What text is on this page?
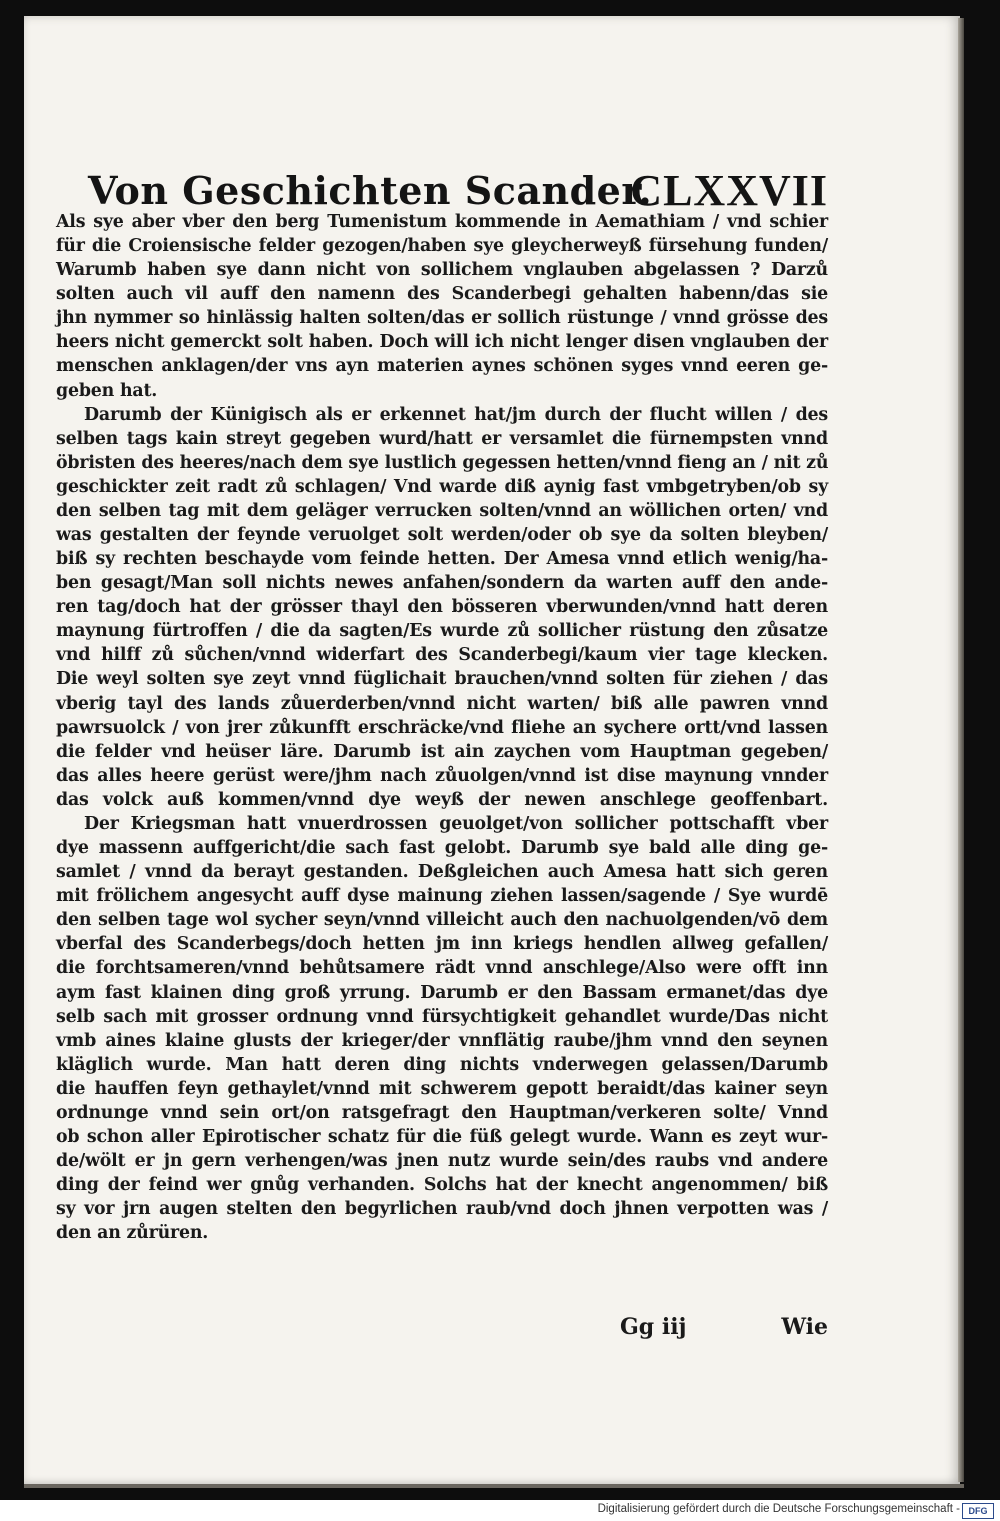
Von Geschichten Scander.
CLXXVII
Als sye aber vber den berg Tumenistum kommende in Aemathiam / vnd schier
für die Croiensische felder gezogen/haben sye gleycherweyß fürsehung funden/
Warumb haben sye dann nicht von sollichem vnglauben abgelassen ? Darzů
solten auch vil auff den namenn des Scanderbegi gehalten habenn/das sie
jhn nymmer so hinlässig halten solten/das er sollich rüstunge / vnnd grösse des
heers nicht gemerckt solt haben. Doch will ich nicht lenger disen vnglauben der
menschen anklagen/der vns ayn materien aynes schönen syges vnnd eeren ge-
geben hat.
Darumb der Künigisch als er erkennet hat/jm durch der flucht willen / des
selben tags kain streyt gegeben wurd/hatt er versamlet die fürnempsten vnnd
öbristen des heeres/nach dem sye lustlich gegessen hetten/vnnd fieng an / nit zů
geschickter zeit radt zů schlagen/ Vnd warde diß aynig fast vmbgetryben/ob sy
den selben tag mit dem geläger verrucken solten/vnnd an wöllichen orten/ vnd
was gestalten der feynde veruolget solt werden/oder ob sye da solten bleyben/
biß sy rechten beschayde vom feinde hetten. Der Amesa vnnd etlich wenig/ha-
ben gesagt/Man soll nichts newes anfahen/sondern da warten auff den ande-
ren tag/doch hat der grösser thayl den bösseren vberwunden/vnnd hatt deren
maynung fürtroffen / die da sagten/Es wurde zů sollicher rüstung den zůsatze
vnd hilff zů sůchen/vnnd widerfart des Scanderbegi/kaum vier tage klecken.
Die weyl solten sye zeyt vnnd füglichait brauchen/vnnd solten für ziehen / das
vberig tayl des lands zůuerderben/vnnd nicht warten/ biß alle pawren vnnd
pawrsuolck / von jrer zůkunfft erschräcke/vnd fliehe an sychere ortt/vnd lassen
die felder vnd heüser läre. Darumb ist ain zaychen vom Hauptman gegeben/
das alles heere gerüst were/jhm nach zůuolgen/vnnd ist dise maynung vnnder
das volck auß kommen/vnnd dye weyß der newen anschlege geoffenbart.
Der Kriegsman hatt vnuerdrossen geuolget/von sollicher pottschafft vber
dye massenn auffgericht/die sach fast gelobt. Darumb sye bald alle ding ge-
samlet / vnnd da berayt gestanden. Deßgleichen auch Amesa hatt sich geren
mit frölichem angesycht auff dyse mainung ziehen lassen/sagende / Sye wurdē
den selben tage wol sycher seyn/vnnd villeicht auch den nachuolgenden/vō dem
vberfal des Scanderbegs/doch hetten jm inn kriegs hendlen allweg gefallen/
die forchtsameren/vnnd behůtsamere rädt vnnd anschlege/Also were offt inn
aym fast klainen ding groß yrrung. Darumb er den Bassam ermanet/das dye
selb sach mit grosser ordnung vnnd fürsychtigkeit gehandlet wurde/Das nicht
vmb aines klaine glusts der krieger/der vnnflätig raube/jhm vnnd den seynen
kläglich wurde. Man hatt deren ding nichts vnderwegen gelassen/Darumb
die hauffen feyn gethaylet/vnnd mit schwerem gepott beraidt/das kainer seyn
ordnunge vnnd sein ort/on ratsgefragt den Hauptman/verkeren solte/ Vnnd
ob schon aller Epirotischer schatz für die füß gelegt wurde. Wann es zeyt wur-
de/wölt er jn gern verhengen/was jnen nutz wurde sein/des raubs vnd andere
ding der feind wer gnůg verhanden. Solchs hat der knecht angenommen/ biß
sy vor jrn augen stelten den begyrlichen raub/vnd doch jhnen verpotten was /
den an zůrüren.
Gg iij	Wie
Digitalisierung gefördert durch die Deutsche Forschungsgemeinschaft - DFG
